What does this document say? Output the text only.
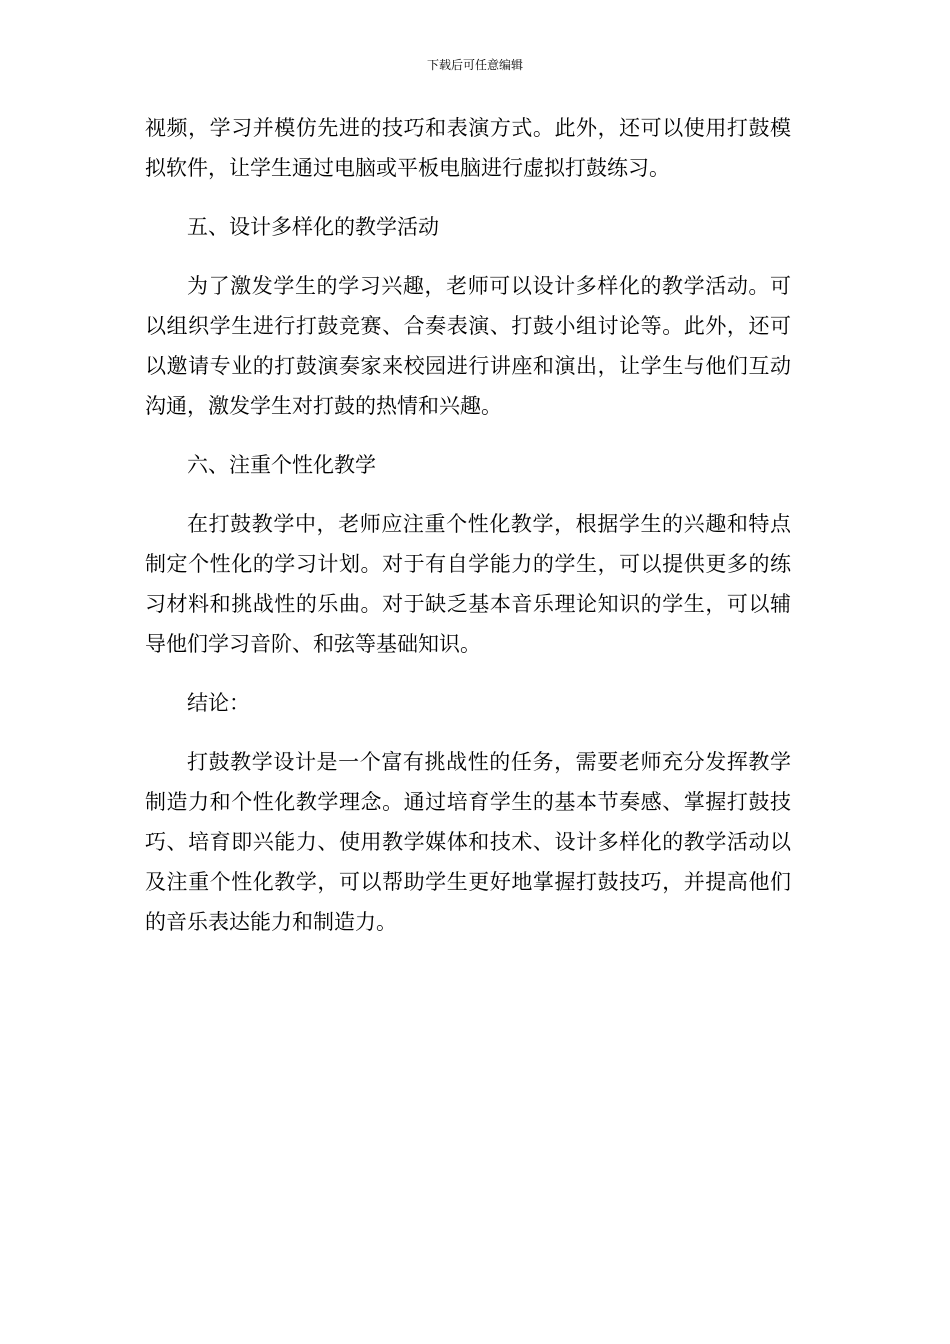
下载后可任意编辑

视频，学习并模仿先进的技巧和表演方式。此外，还可以使用打鼓模拟软件，让学生通过电脑或平板电脑进行虚拟打鼓练习。

五、设计多样化的教学活动

为了激发学生的学习兴趣，老师可以设计多样化的教学活动。可以组织学生进行打鼓竞赛、合奏表演、打鼓小组讨论等。此外，还可以邀请专业的打鼓演奏家来校园进行讲座和演出，让学生与他们互动沟通，激发学生对打鼓的热情和兴趣。

六、注重个性化教学

在打鼓教学中，老师应注重个性化教学，根据学生的兴趣和特点制定个性化的学习计划。对于有自学能力的学生，可以提供更多的练习材料和挑战性的乐曲。对于缺乏基本音乐理论知识的学生，可以辅导他们学习音阶、和弦等基础知识。

结论：

打鼓教学设计是一个富有挑战性的任务，需要老师充分发挥教学制造力和个性化教学理念。通过培育学生的基本节奏感、掌握打鼓技巧、培育即兴能力、使用教学媒体和技术、设计多样化的教学活动以及注重个性化教学，可以帮助学生更好地掌握打鼓技巧，并提高他们的音乐表达能力和制造力。
